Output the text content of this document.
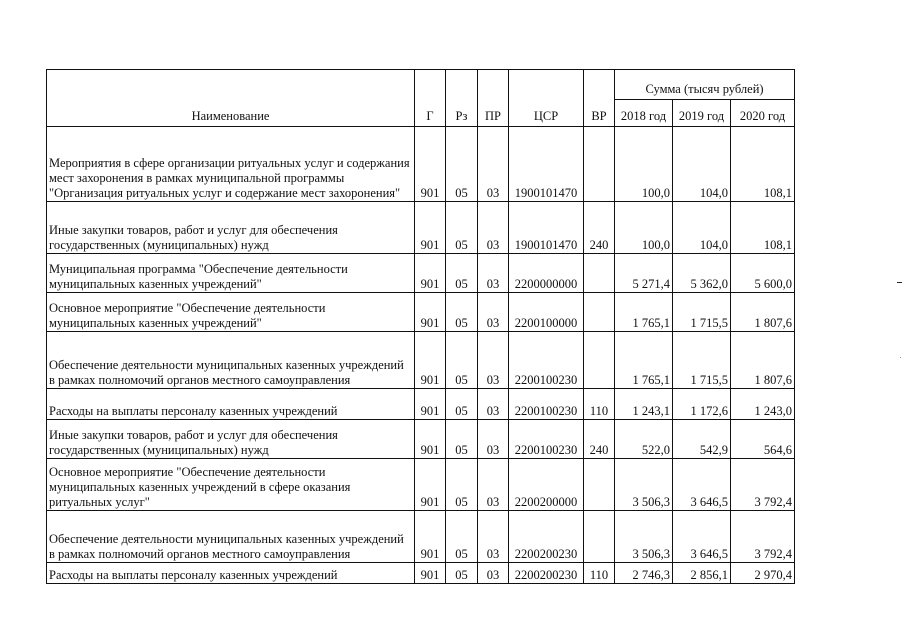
Наименование	Г	Рз	ПР	ЦСР	ВР	Сумма (тысяч рублей)		
						2018 год	2019 год	2020 год
Мероприятия в сфере организации ритуальных услуг и содержания мест захоронения в рамках муниципальной программы "Организация ритуальных услуг и содержание мест захоронения"	901	05	03	1900101470		100,0	104,0	108,1
Иные закупки товаров, работ и услуг для обеспечения государственных (муниципальных) нужд	901	05	03	1900101470	240	100,0	104,0	108,1
Муниципальная программа "Обеспечение деятельности муниципальных казенных учреждений"	901	05	03	2200000000		5 271,4	5 362,0	5 600,0
Основное мероприятие "Обеспечение деятельности муниципальных казенных учреждений"	901	05	03	2200100000		1 765,1	1 715,5	1 807,6
Обеспечение деятельности муниципальных казенных учреждений в рамках полномочий органов местного самоуправления	901	05	03	2200100230		1 765,1	1 715,5	1 807,6
Расходы на выплаты персоналу казенных учреждений	901	05	03	2200100230	110	1 243,1	1 172,6	1 243,0
Иные закупки товаров, работ и услуг для обеспечения государственных (муниципальных) нужд	901	05	03	2200100230	240	522,0	542,9	564,6
Основное мероприятие "Обеспечение деятельности муниципальных казенных учреждений в сфере оказания ритуальных услуг"	901	05	03	2200200000		3 506,3	3 646,5	3 792,4
Обеспечение деятельности муниципальных казенных учреждений в рамках полномочий органов местного самоуправления	901	05	03	2200200230		3 506,3	3 646,5	3 792,4
Расходы на выплаты персоналу казенных учреждений	901	05	03	2200200230	110	2 746,3	2 856,1	2 970,4
